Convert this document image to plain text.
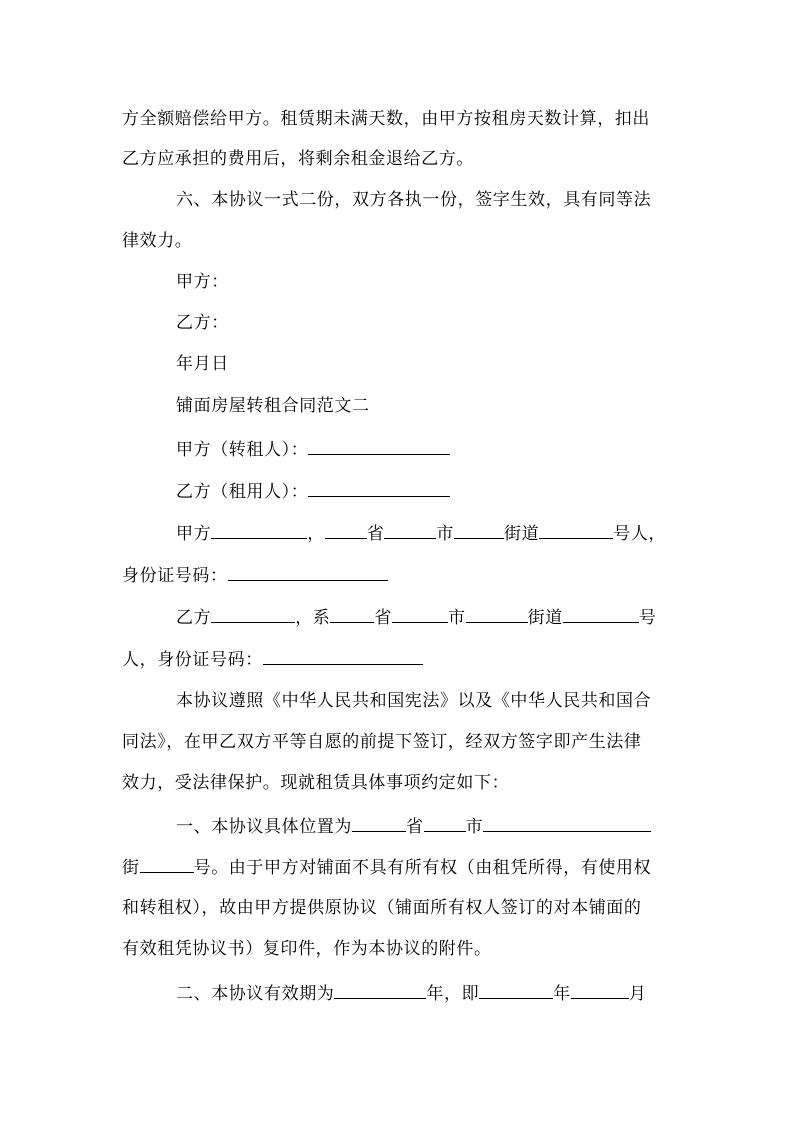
方全额赔偿给甲方。租赁期未满天数，由甲方按租房天数计算，扣出
乙方应承担的费用后，将剩余租金退给乙方。
六、本协议一式二份，双方各执一份，签字生效，具有同等法
律效力。
甲方：
乙方：
年月日
铺面房屋转租合同范文二
甲方（转租人）：
乙方（租用人）：
甲方	， 省	市	街道	号人，
身份证号码：
乙方	，系	省	市	街道	号
人，身份证号码：
本协议遵照《中华人民共和国宪法》以及《中华人民共和国合
同法》，在甲乙双方平等自愿的前提下签订，经双方签字即产生法律
效力，受法律保护。现就租赁具体事项约定如下：
一、本协议具体位置为	省 市
街	号。由于甲方对铺面不具有所有权（由租凭所得，有使用权
和转租权），故由甲方提供原协议（铺面所有权人签订的对本铺面的
有效租凭协议书）复印件，作为本协议的附件。
二、本协议有效期为	年，即	年	月
